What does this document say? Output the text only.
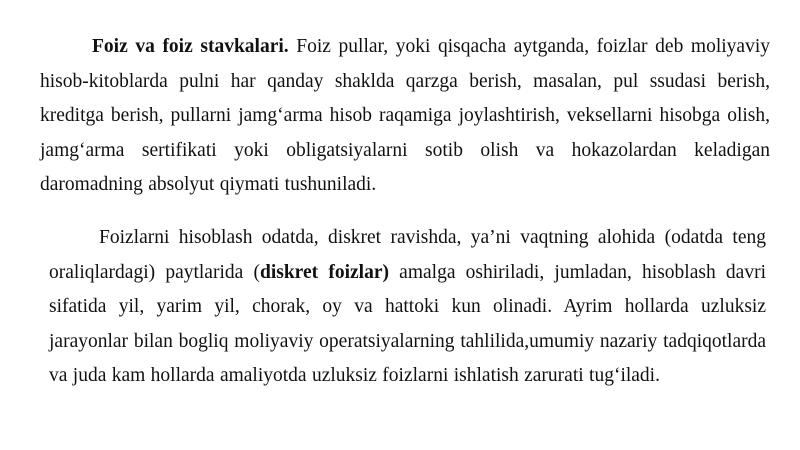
Foiz va foiz stavkalari. Foiz pullar, yoki qisqacha aytganda, foizlar deb moliyaviy hisob-kitoblarda pulni har qanday shaklda qarzga berish, masalan, pul ssudasi berish, kreditga berish, pullarni jamg‘arma hisob raqamiga joylashtirish, veksellarni hisobga olish, jamg‘arma sertifikati yoki obligatsiyalarni sotib olish va hokazolardan keladigan daromadning absolyut qiymati tushuniladi.

Foizlarni hisoblash odatda, diskret ravishda, ya’ni vaqtning alohida (odatda teng oraliqlardagi) paytlarida (diskret foizlar) amalga oshiriladi, jumladan, hisoblash davri sifatida yil, yarim yil, chorak, oy va hattoki kun olinadi. Ayrim hollarda uzluksiz jarayonlar bilan bogliq moliyaviy operatsiyalarning tahlilida,umumiy nazariy tadqiqotlarda va juda kam hollarda amaliyotda uzluksiz foizlarni ishlatish zarurati tug‘iladi.
